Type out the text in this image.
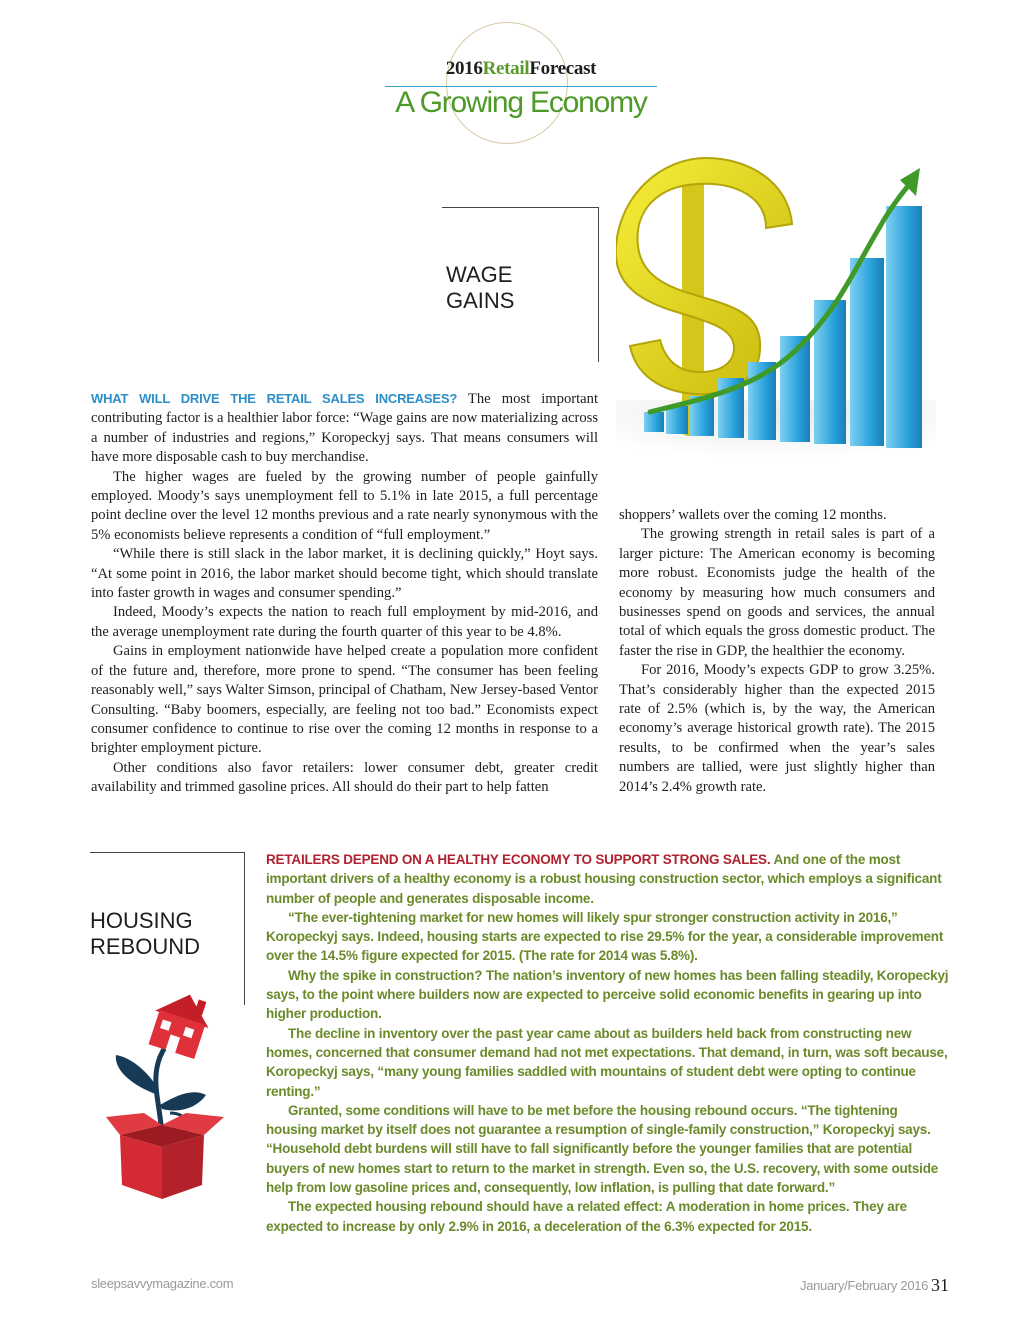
2016RetailForecast
A Growing Economy
WAGE
GAINS

WHAT WILL DRIVE THE RETAIL SALES INCREASES? The most important contributing factor is a healthier labor force: “Wage gains are now materializing across a number of industries and regions,” Koropeckyj says. That means consumers will have more disposable cash to buy merchandise.

The higher wages are fueled by the growing number of people gainfully employed. Moody’s says unemployment fell to 5.1% in late 2015, a full percentage point decline over the level 12 months previous and a rate nearly synonymous with the 5% economists believe represents a condition of “full employment.”

“While there is still slack in the labor market, it is declining quickly,” Hoyt says. “At some point in 2016, the labor market should become tight, which should translate into faster growth in wages and consumer spending.”

Indeed, Moody’s expects the nation to reach full employment by mid-2016, and the average unemployment rate during the fourth quarter of this year to be 4.8%.

Gains in employment nationwide have helped create a population more confident of the future and, therefore, more prone to spend. “The consumer has been feeling reasonably well,” says Walter Simson, principal of Chatham, New Jersey-based Ventor Consulting. “Baby boomers, especially, are feeling not too bad.” Economists expect consumer confidence to continue to rise over the coming 12 months in response to a brighter employment picture.

Other conditions also favor retailers: lower consumer debt, greater credit availability and trimmed gasoline prices. All should do their part to help fatten

shoppers’ wallets over the coming 12 months.

The growing strength in retail sales is part of a larger picture: The American economy is becoming more robust. Economists judge the health of the economy by measuring how much consumers and businesses spend on goods and services, the annual total of which equals the gross domestic product. The faster the rise in GDP, the healthier the economy.

For 2016, Moody’s expects GDP to grow 3.25%. That’s considerably higher than the expected 2015 rate of 2.5% (which is, by the way, the American economy’s average historical growth rate). The 2015 results, to be confirmed when the year’s sales numbers are tallied, were just slightly higher than 2014’s 2.4% growth rate.

HOUSING
REBOUND

RETAILERS DEPEND ON A HEALTHY ECONOMY TO SUPPORT STRONG SALES. And one of the most important drivers of a healthy economy is a robust housing construction sector, which employs a significant number of people and generates disposable income.

“The ever-tightening market for new homes will likely spur stronger construction activity in 2016,” Koropeckyj says. Indeed, housing starts are expected to rise 29.5% for the year, a considerable improvement over the 14.5% figure expected for 2015. (The rate for 2014 was 5.8%).

Why the spike in construction? The nation’s inventory of new homes has been falling steadily, Koropeckyj says, to the point where builders now are expected to perceive solid economic benefits in gearing up into higher production.

The decline in inventory over the past year came about as builders held back from constructing new homes, concerned that consumer demand had not met expectations. That demand, in turn, was soft because, Koropeckyj says, “many young families saddled with mountains of student debt were opting to continue renting.”

Granted, some conditions will have to be met before the housing rebound occurs. “The tightening housing market by itself does not guarantee a resumption of single-family construction,” Koropeckyj says. “Household debt burdens will still have to fall significantly before the younger families that are potential buyers of new homes start to return to the market in strength. Even so, the U.S. recovery, with some outside help from low gasoline prices and, consequently, low inflation, is pulling that date forward.”

The expected housing rebound should have a related effect: A moderation in home prices. They are expected to increase by only 2.9% in 2016, a deceleration of the 6.3% expected for 2015.

sleepsavvymagazine.com	January/February 2016 31
